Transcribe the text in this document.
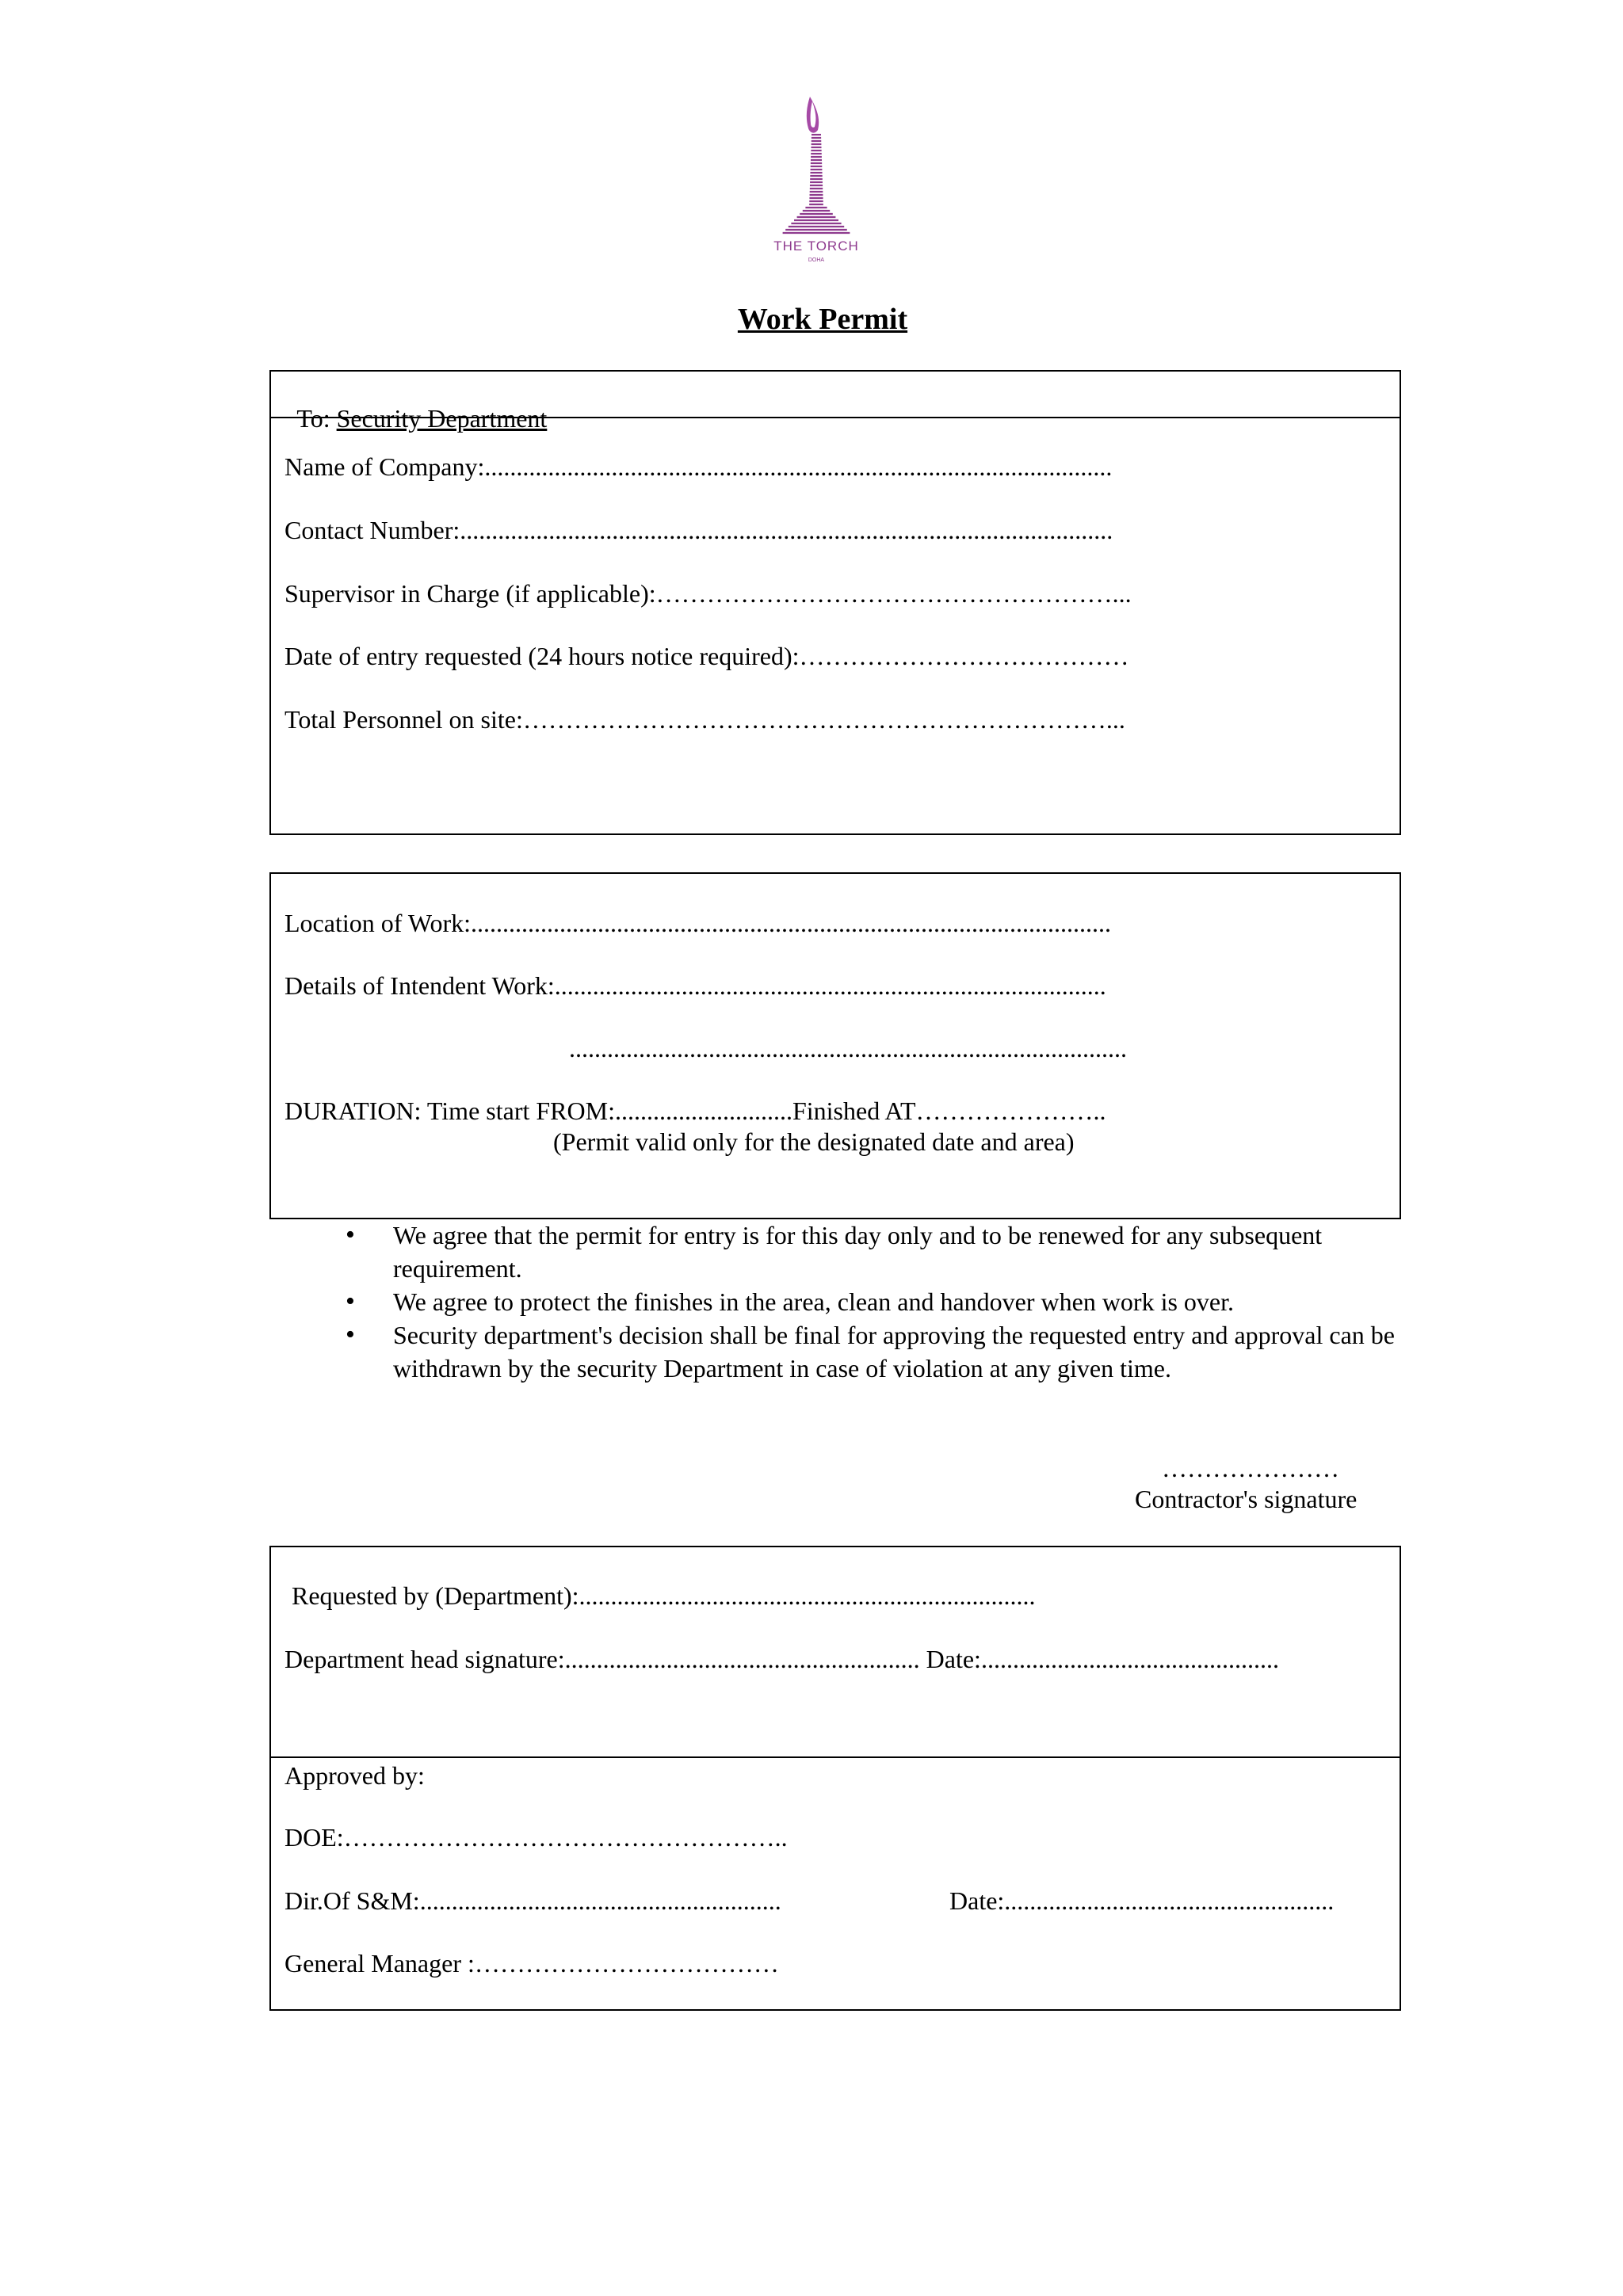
THE TORCH
DOHA
Work Permit

To: Security Department

Name of Company:...................................................................................................
Contact Number:.......................................................................................................
Supervisor in Charge (if applicable):………………………………………………...
Date of entry requested (24 hours notice required):…………………………………
Total Personnel on site:……………………………………………………………...
Location of Work:.....................................................................................................
Details of Intendent Work:.......................................................................................
........................................................................................
DURATION: Time start FROM:............................Finished AT…………………..
(Permit valid only for the designated date and area)
• We agree that the permit for entry is for this day only and to be renewed for any subsequent requirement.
• We agree to protect the finishes in the area, clean and handover when work is over.
• Security department's decision shall be final for approving the requested entry and approval can be withdrawn by the security Department in case of violation at any given time.
…………………
Contractor's signature
Requested by (Department):........................................................................
Department head signature:........................................................ Date:...............................................
Approved by:
DOE:……………………………………………..
Dir.Of S&M:.........................................................	Date:....................................................
General Manager :………………………………
